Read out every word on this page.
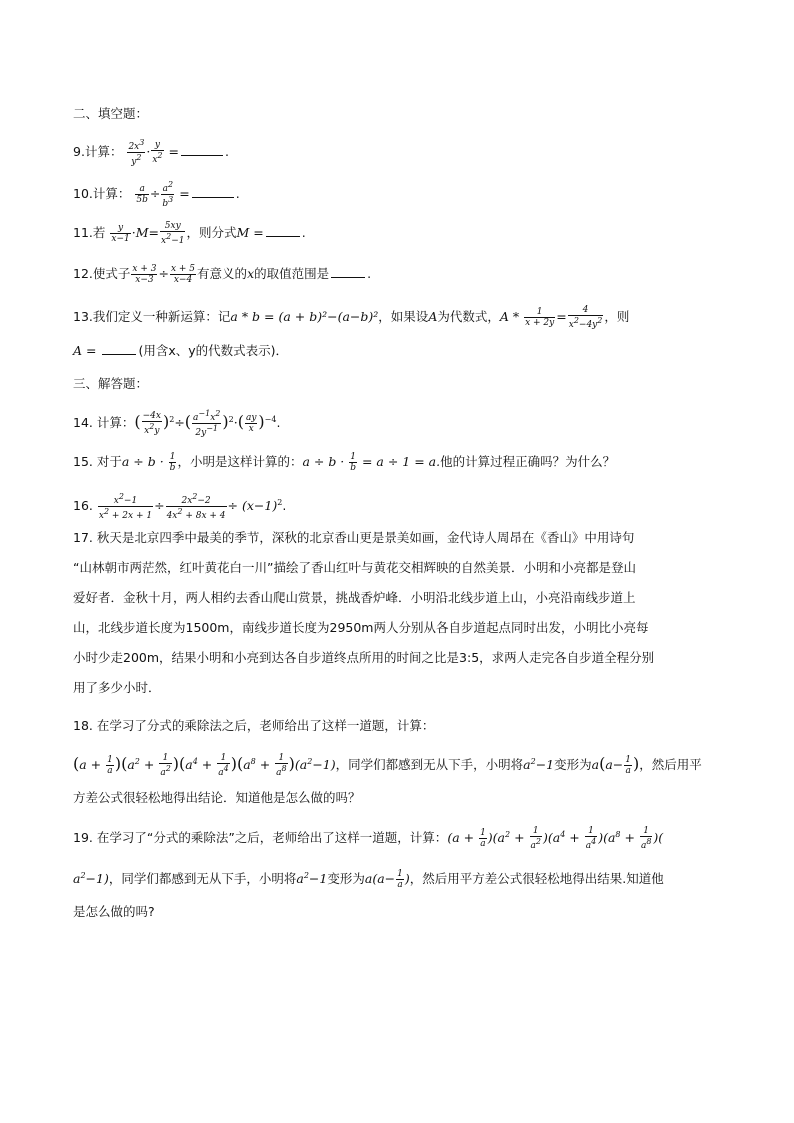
二、填空题：
9.计算： $\frac{2x^3}{y^2} \cdot \frac{y}{x^2}$ =	.
10.计算： $\frac{a}{5b} \div \frac{a^2}{b^3}$ =	.
11.若 $\frac{y}{x-1} \cdot M= \frac{5xy}{x^2-1}$ ，则分式M =	.
12.使式子 $\frac{x + 3}{x-3} \div \frac{x + 5}{x-4}$ 有意义的x的取值范围是	.
13.我们定义一种新运算：记a * b = (a + b)²−(a−b)²，如果设A为代数式，$A * \frac{1}{x + 2y} = \frac{4}{x^2-4y^2}$ ，则
A =	(用含x、y的代数式表示)．
三、解答题：
14. 计算：( $\frac{-4x}{x^2y} )^2\div( \frac{a^{-1}x^2}{2y^{-1}} )^2\cdot( \frac{ay}{x} )^{-4}$.
15. 对于$a \div b \cdot \frac{1}{b}$ ，小明是这样计算的：$a \div b \cdot \frac{1}{b} = a \div 1 = a$.他的计算过程正确吗？为什么？
16. $\frac{x^2-1}{x^2 + 2x + 1} \div \frac{2x^2-2}{4x^2 + 8x + 4} \div (x-1)^2$.
17. 秋天是北京四季中最美的季节，深秋的北京香山更是景美如画，金代诗人周昂在《香山》中用诗句
“山林朝市两茫然，红叶黄花白一川”描绘了香山红叶与黄花交相辉映的自然美景．小明和小亮都是登山
爱好者．金秋十月，两人相约去香山爬山赏景，挑战香炉峰．小明沿北线步道上山，小亮沿南线步道上
山，北线步道长度为1500m，南线步道长度为2950m两人分别从各自步道起点同时出发，小明比小亮每
小时少走200m，结果小明和小亮到达各自步道终点所用的时间之比是3:5，求两人走完各自步道全程分别
用了多少小时．
18. 在学习了分式的乘除法之后，老师给出了这样一道题，计算：
$(a + \frac{1}{a} )(a^2 + \frac{1}{a^2} )(a^4 + \frac{1}{a^4} )(a^8 + \frac{1}{a^8} )(a^2-1)$，同学们都感到无从下手，小明将$a^2-1$变形为$a(a- \frac{1}{a}$ )，然后用平
方差公式很轻松地得出结论．知道他是怎么做的吗？
19. 在学习了“分式的乘除法”之后，老师给出了这样一道题，计算：$(a + \frac{1}{a} )(a^2 + \frac{1}{a^2} )(a^4 + \frac{1}{a^4} )(a^8 + \frac{1}{a^8}$ )(
$a^2-1$)，同学们都感到无从下手，小明将$a^2-1$变形为$a(a- \frac{1}{a}$ )，然后用平方差公式很轻松地得出结果.知道他
是怎么做的吗?
